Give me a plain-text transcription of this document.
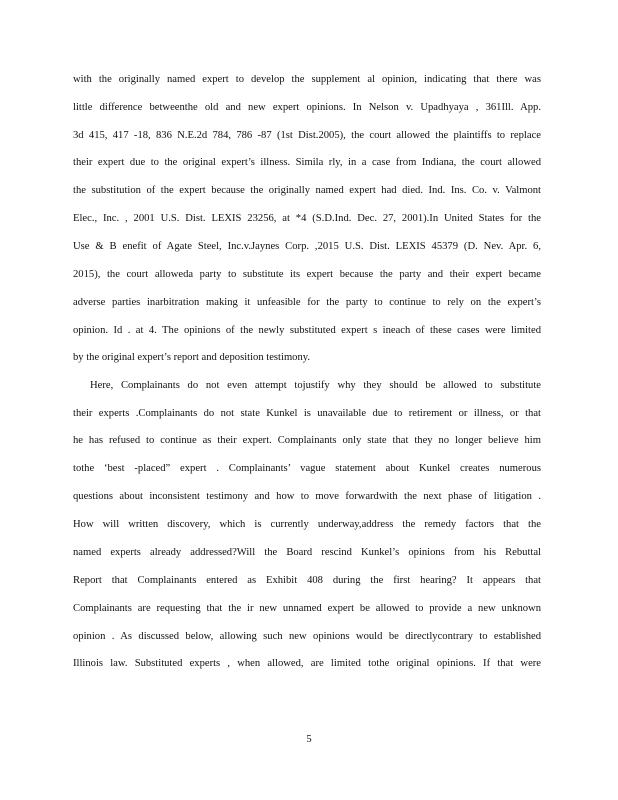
with the originally named expert to develop the supplement al opinion, indicating that there was
little difference betweenthe old and new expert opinions. In Nelson v. Upadhyaya , 361Ill. App.
3d 415, 417 -18, 836 N.E.2d 784, 786 -87 (1st Dist.2005), the court allowed the plaintiffs to replace
their expert due to the original expert’s illness. Simila rly, in a case from Indiana, the court allowed
the substitution of the expert because the originally named expert had died. Ind. Ins. Co. v. Valmont
Elec., Inc. , 2001 U.S. Dist. LEXIS 23256, at *4 (S.D.Ind. Dec. 27, 2001).In United States for the
Use & B enefit of Agate Steel, Inc.v.Jaynes Corp. ,2015 U.S. Dist. LEXIS 45379 (D. Nev. Apr. 6,
2015), the court alloweda party to substitute its expert because the party and their expert became
adverse parties inarbitration making it unfeasible for the party to continue to rely on the expert’s
opinion. Id . at 4. The opinions of the newly substituted expert s ineach of these cases were limited
by the original expert’s report and deposition testimony.
Here, Complainants do not even attempt tojustify why they should be allowed to substitute
their experts .Complainants do not state Kunkel is unavailable due to retirement or illness, or that
he has refused to continue as their expert. Complainants only state that they no longer believe him
tothe ‘best -placed” expert . Complainants’ vague statement about Kunkel creates numerous
questions about inconsistent testimony and how to move forwardwith the next phase of litigation .
How will written discovery, which is currently underway,address the remedy factors that the
named experts already addressed?Will the Board rescind Kunkel’s opinions from his Rebuttal
Report that Complainants entered as Exhibit 408 during the first hearing? It appears that
Complainants are requesting that the ir new unnamed expert be allowed to provide a new unknown
opinion . As discussed below, allowing such new opinions would be directlycontrary to established
Illinois law. Substituted experts , when allowed, are limited tothe original opinions. If that were
5
